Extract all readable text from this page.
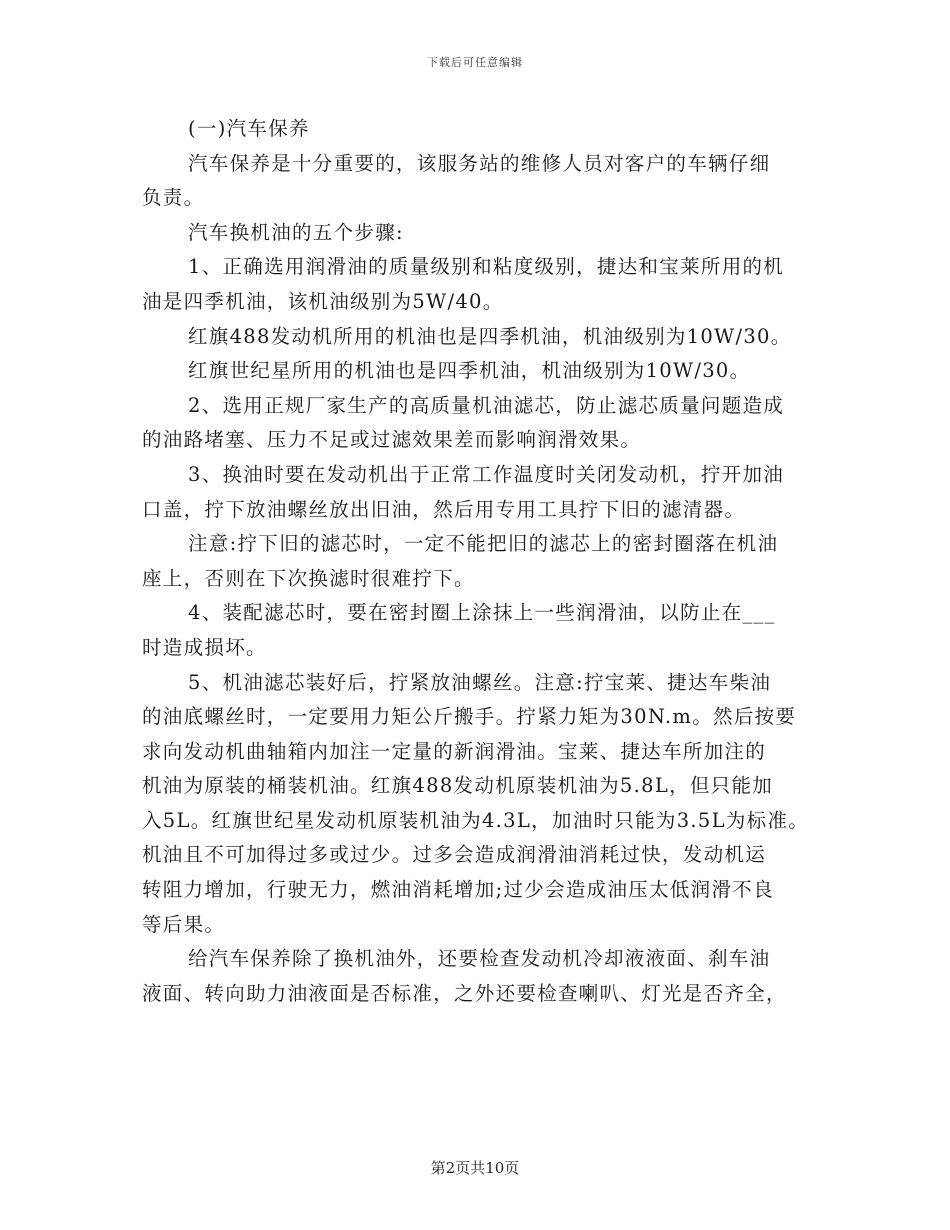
下载后可任意编辑
(一)汽车保养
汽车保养是十分重要的，该服务站的维修人员对客户的车辆仔细
负责。
汽车换机油的五个步骤:
1、正确选用润滑油的质量级别和粘度级别，捷达和宝莱所用的机
油是四季机油，该机油级别为5W/40。
红旗488发动机所用的机油也是四季机油，机油级别为10W/30。
红旗世纪星所用的机油也是四季机油，机油级别为10W/30。
2、选用正规厂家生产的高质量机油滤芯，防止滤芯质量问题造成
的油路堵塞、压力不足或过滤效果差而影响润滑效果。
3、换油时要在发动机出于正常工作温度时关闭发动机，拧开加油
口盖，拧下放油螺丝放出旧油，然后用专用工具拧下旧的滤清器。
注意:拧下旧的滤芯时，一定不能把旧的滤芯上的密封圈落在机油
座上，否则在下次换滤时很难拧下。
4、装配滤芯时，要在密封圈上涂抹上一些润滑油，以防止在___
时造成损坏。
5、机油滤芯装好后，拧紧放油螺丝。注意:拧宝莱、捷达车柴油
的油底螺丝时，一定要用力矩公斤搬手。拧紧力矩为30N.m。然后按要
求向发动机曲轴箱内加注一定量的新润滑油。宝莱、捷达车所加注的
机油为原装的桶装机油。红旗488发动机原装机油为5.8L，但只能加
入5L。红旗世纪星发动机原装机油为4.3L，加油时只能为3.5L为标准。
机油且不可加得过多或过少。过多会造成润滑油消耗过快，发动机运
转阻力增加，行驶无力，燃油消耗增加;过少会造成油压太低润滑不良
等后果。
给汽车保养除了换机油外，还要检查发动机冷却液液面、刹车油
液面、转向助力油液面是否标准，之外还要检查喇叭、灯光是否齐全，
第2页共10页
